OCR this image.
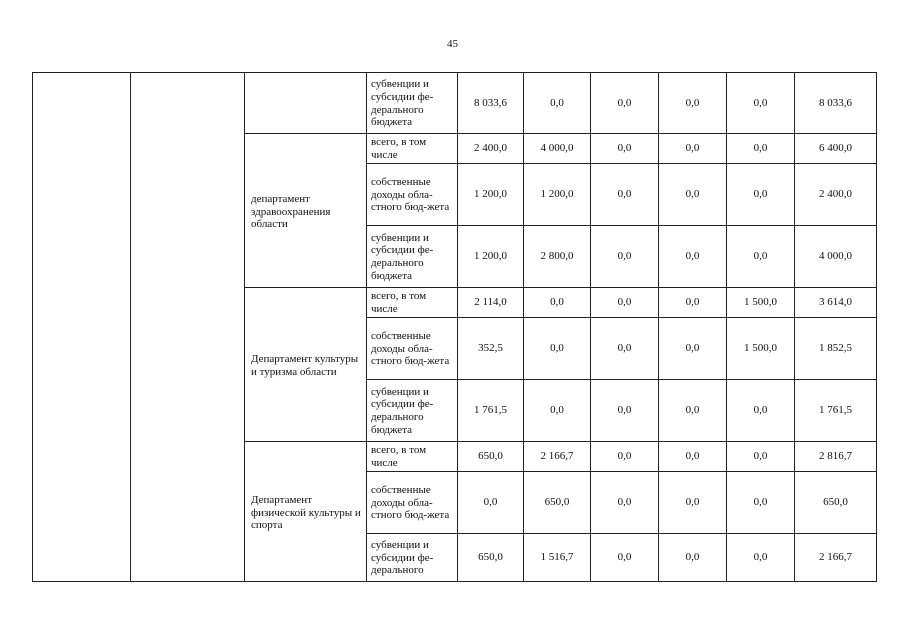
45
			субвенции и субсидии фе-дерального бюджета	8 033,6	0,0	0,0	0,0	0,0	8 033,6
		департамент здравоохранения области	всего, в том числе	2 400,0	4 000,0	0,0	0,0	0,0	6 400,0
			собственные доходы обла-стного бюд-жета	1 200,0	1 200,0	0,0	0,0	0,0	2 400,0
			субвенции и субсидии фе-дерального бюджета	1 200,0	2 800,0	0,0	0,0	0,0	4 000,0
		Департамент культуры и туризма области	всего, в том числе	2 114,0	0,0	0,0	0,0	1 500,0	3 614,0
			собственные доходы обла-стного бюд-жета	352,5	0,0	0,0	0,0	1 500,0	1 852,5
			субвенции и субсидии фе-дерального бюджета	1 761,5	0,0	0,0	0,0	0,0	1 761,5
		Департамент физической культуры и спорта	всего, в том числе	650,0	2 166,7	0,0	0,0	0,0	2 816,7
			собственные доходы обла-стного бюд-жета	0,0	650,0	0,0	0,0	0,0	650,0
			субвенции и субсидии фе-дерального	650,0	1 516,7	0,0	0,0	0,0	2 166,7
